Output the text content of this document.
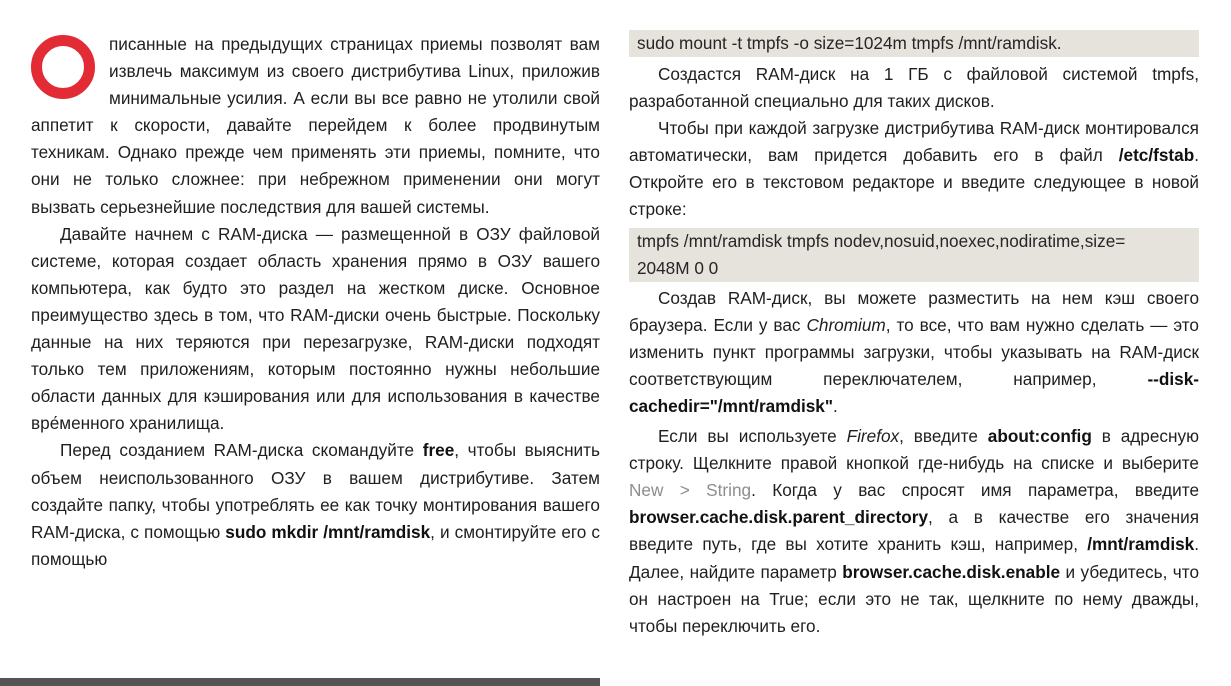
писанные на предыдущих страницах приемы позволят вам извлечь максимум из своего дистрибутива Linux, приложив минимальные усилия. А если вы все равно не утолили свой аппетит к скорости, давайте перейдем к более продвинутым техникам. Однако прежде чем применять эти приемы, помните, что они не только сложнее: при небрежном применении они могут вызвать серьезнейшие последствия для вашей системы.

Давайте начнем с RAM-диска — размещенной в ОЗУ файловой системе, которая создает область хранения прямо в ОЗУ вашего компьютера, как будто это раздел на жестком диске. Основное преимущество здесь в том, что RAM-диски очень быстрые. Поскольку данные на них теряются при перезагрузке, RAM-диски подходят только тем приложениям, которым постоянно нужны небольшие области данных для кэширования или для использования в качестве вре́менного хранилища.

Перед созданием RAM-диска скомандуйте free, чтобы выяснить объем неиспользованного ОЗУ в вашем дистрибутиве. Затем создайте папку, чтобы употреблять ее как точку монтирования вашего RAM-диска, с помощью sudo mkdir /mnt/ramdisk, и смонтируйте его с помощью

sudo mount -t tmpfs -o size=1024m tmpfs /mnt/ramdisk.

Создастся RAM-диск на 1 ГБ с файловой системой tmpfs, разработанной специально для таких дисков.

Чтобы при каждой загрузке дистрибутива RAM-диск монтировался автоматически, вам придется добавить его в файл /etc/fstab. Откройте его в текстовом редакторе и введите следующее в новой строке:

tmpfs /mnt/ramdisk tmpfs nodev,nosuid,noexec,nodiratime,size=
2048M 0 0

Создав RAM-диск, вы можете разместить на нем кэш своего браузера. Если у вас Chromium, то все, что вам нужно сделать — это изменить пункт программы загрузки, чтобы указывать на RAM-диск соответствующим переключателем, например, --disk-cachedir="/mnt/ramdisk".

Если вы используете Firefox, введите about:config в адресную строку. Щелкните правой кнопкой где-нибудь на списке и выберите New > String. Когда у вас спросят имя параметра, введите browser.cache.disk.parent_directory, а в качестве его значения введите путь, где вы хотите хранить кэш, например, /mnt/ramdisk. Далее, найдите параметр browser.cache.disk.enable и убедитесь, что он настроен на True; если это не так, щелкните по нему дважды, чтобы переключить его.
